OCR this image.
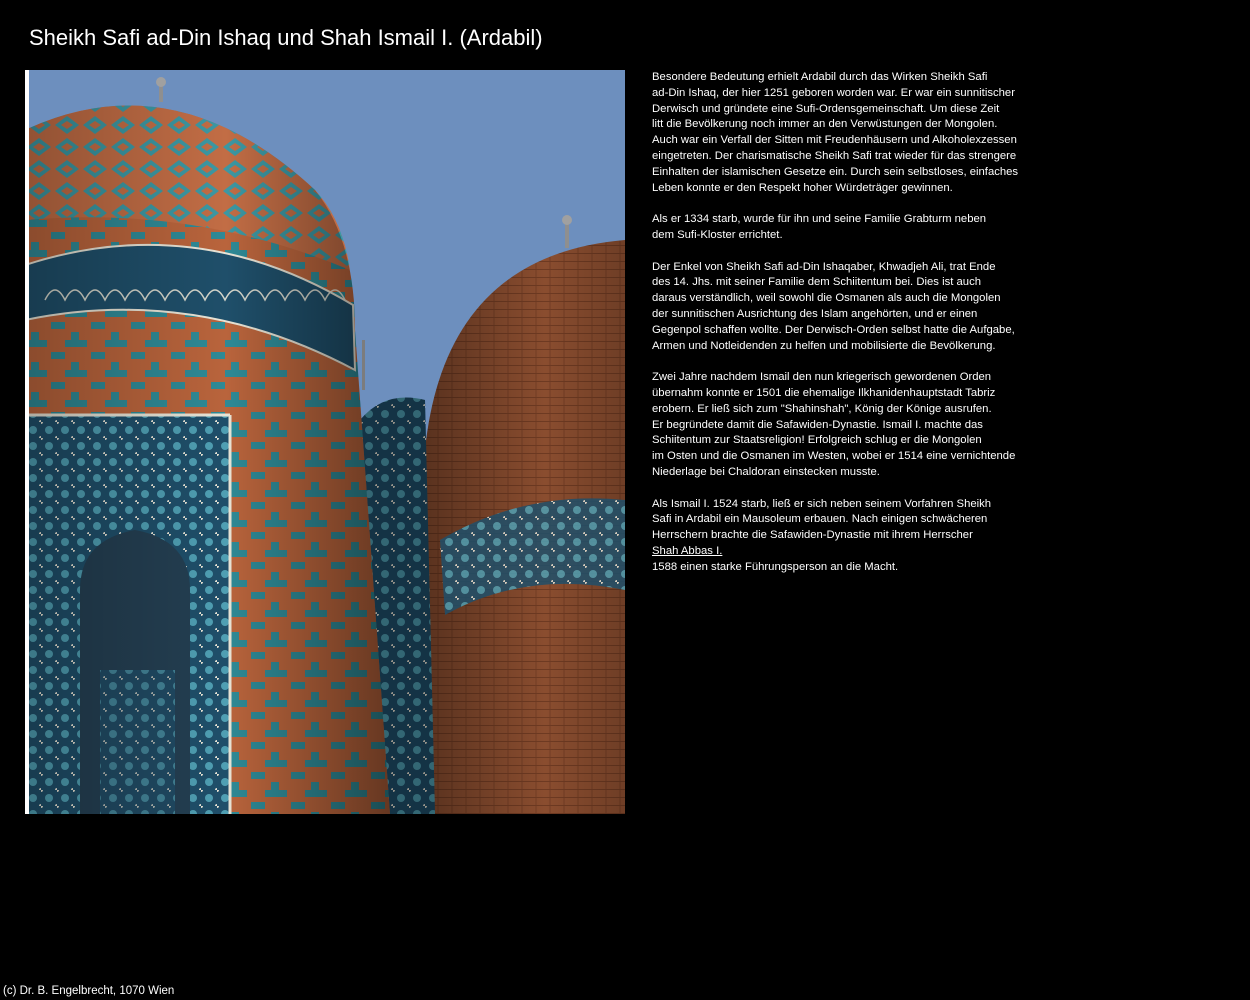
Sheikh Safi ad-Din Ishaq und Shah Ismail I. (Ardabil)

Besondere Bedeutung erhielt Ardabil durch das Wirken Sheikh Safi
ad-Din Ishaq, der hier 1251 geboren worden war. Er war ein sunnitischer
Derwisch und gründete eine Sufi-Ordensgemeinschaft. Um diese Zeit
litt die Bevölkerung noch immer an den Verwüstungen der Mongolen.
Auch war ein Verfall der Sitten mit Freudenhäusern und Alkoholexzessen
eingetreten. Der charismatische Sheikh Safi trat wieder für das strengere
Einhalten der islamischen Gesetze ein. Durch sein selbstloses, einfaches
Leben konnte er den Respekt hoher Würdeträger gewinnen.

Als er 1334 starb, wurde für ihn und seine Familie Grabturm neben
dem Sufi-Kloster errichtet.

Der Enkel von Sheikh Safi ad-Din Ishaqaber, Khwadjeh Ali, trat Ende
des 14. Jhs. mit seiner Familie dem Schiitentum bei. Dies ist auch
daraus verständlich, weil sowohl die Osmanen als auch die Mongolen
der sunnitischen Ausrichtung des Islam angehörten, und er einen
Gegenpol schaffen wollte. Der Derwisch-Orden selbst hatte die Aufgabe,
Armen und Notleidenden zu helfen und mobilisierte die Bevölkerung.

Zwei Jahre nachdem Ismail den nun kriegerisch gewordenen Orden
übernahm konnte er 1501 die ehemalige Ilkhanidenhauptstadt Tabriz
erobern. Er ließ sich zum "Shahinshah", König der Könige ausrufen.
Er begründete damit die Safawiden-Dynastie. Ismail I. machte das
Schiitentum zur Staatsreligion! Erfolgreich schlug er die Mongolen
im Osten und die Osmanen im Westen, wobei er 1514 eine vernichtende
Niederlage bei Chaldoran einstecken musste.

Als Ismail I. 1524 starb, ließ er sich neben seinem Vorfahren Sheikh
Safi in Ardabil ein Mausoleum erbauen. Nach einigen schwächeren
Herrschern brachte die Safawiden-Dynastie mit ihrem Herrscher
Shah Abbas I.
1588 einen starke Führungsperson an die Macht.

(c) Dr. B. Engelbrecht, 1070 Wien
